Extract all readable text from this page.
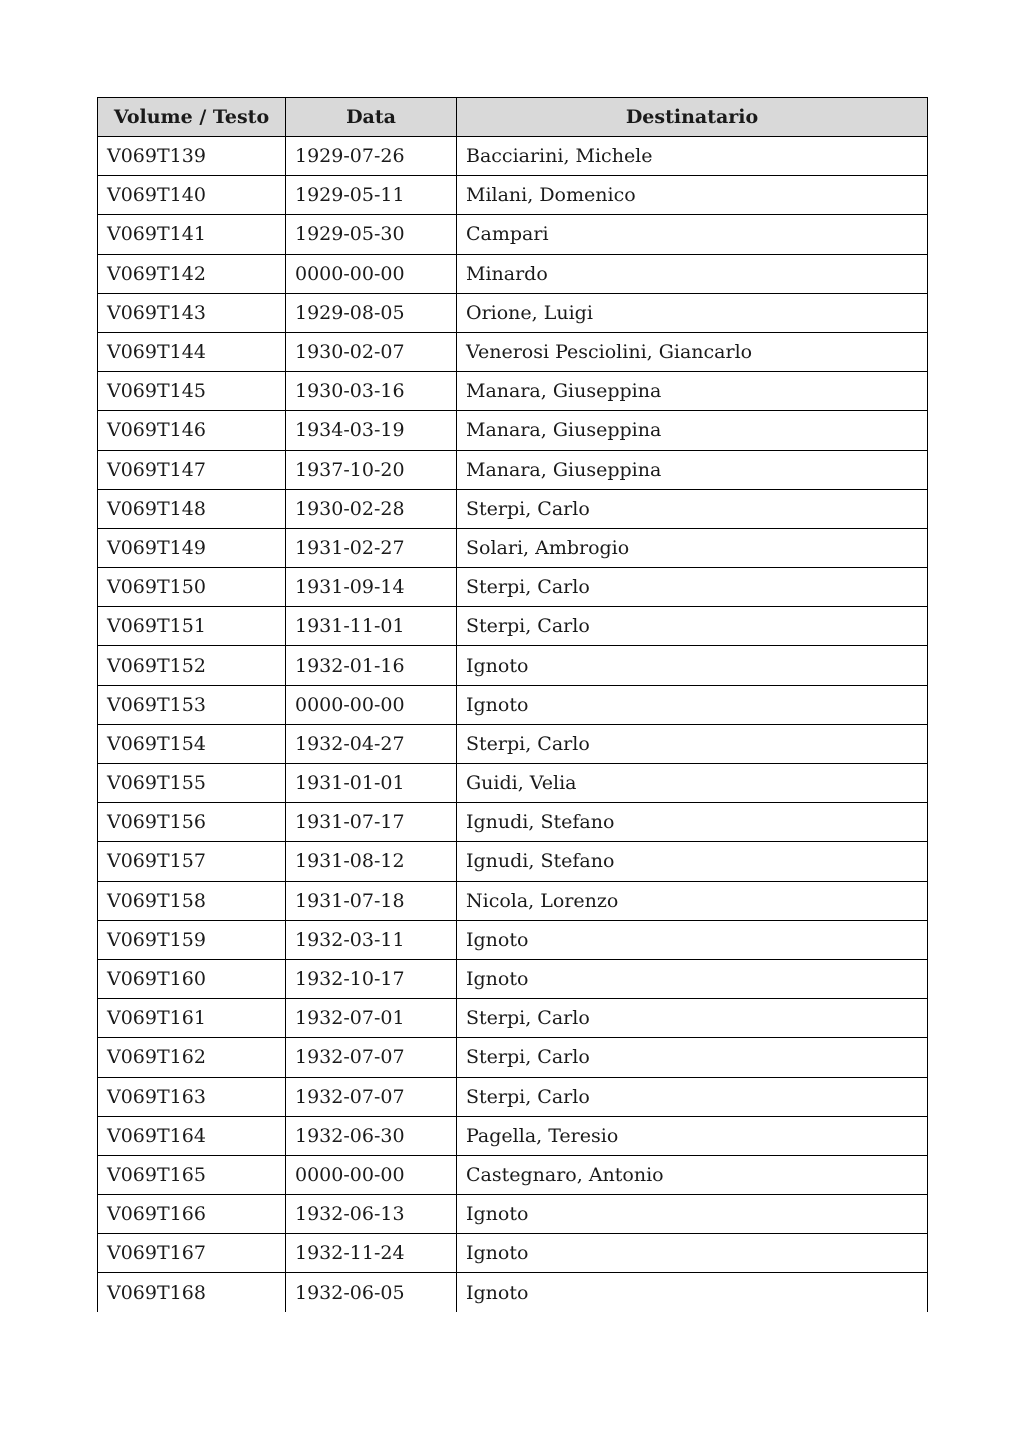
Volume / Testo	Data	Destinatario
V069T139	1929-07-26	Bacciarini, Michele
V069T140	1929-05-11	Milani, Domenico
V069T141	1929-05-30	Campari
V069T142	0000-00-00	Minardo
V069T143	1929-08-05	Orione, Luigi
V069T144	1930-02-07	Venerosi Pesciolini, Giancarlo
V069T145	1930-03-16	Manara, Giuseppina
V069T146	1934-03-19	Manara, Giuseppina
V069T147	1937-10-20	Manara, Giuseppina
V069T148	1930-02-28	Sterpi, Carlo
V069T149	1931-02-27	Solari, Ambrogio
V069T150	1931-09-14	Sterpi, Carlo
V069T151	1931-11-01	Sterpi, Carlo
V069T152	1932-01-16	Ignoto
V069T153	0000-00-00	Ignoto
V069T154	1932-04-27	Sterpi, Carlo
V069T155	1931-01-01	Guidi, Velia
V069T156	1931-07-17	Ignudi, Stefano
V069T157	1931-08-12	Ignudi, Stefano
V069T158	1931-07-18	Nicola, Lorenzo
V069T159	1932-03-11	Ignoto
V069T160	1932-10-17	Ignoto
V069T161	1932-07-01	Sterpi, Carlo
V069T162	1932-07-07	Sterpi, Carlo
V069T163	1932-07-07	Sterpi, Carlo
V069T164	1932-06-30	Pagella, Teresio
V069T165	0000-00-00	Castegnaro, Antonio
V069T166	1932-06-13	Ignoto
V069T167	1932-11-24	Ignoto
V069T168	1932-06-05	Ignoto
